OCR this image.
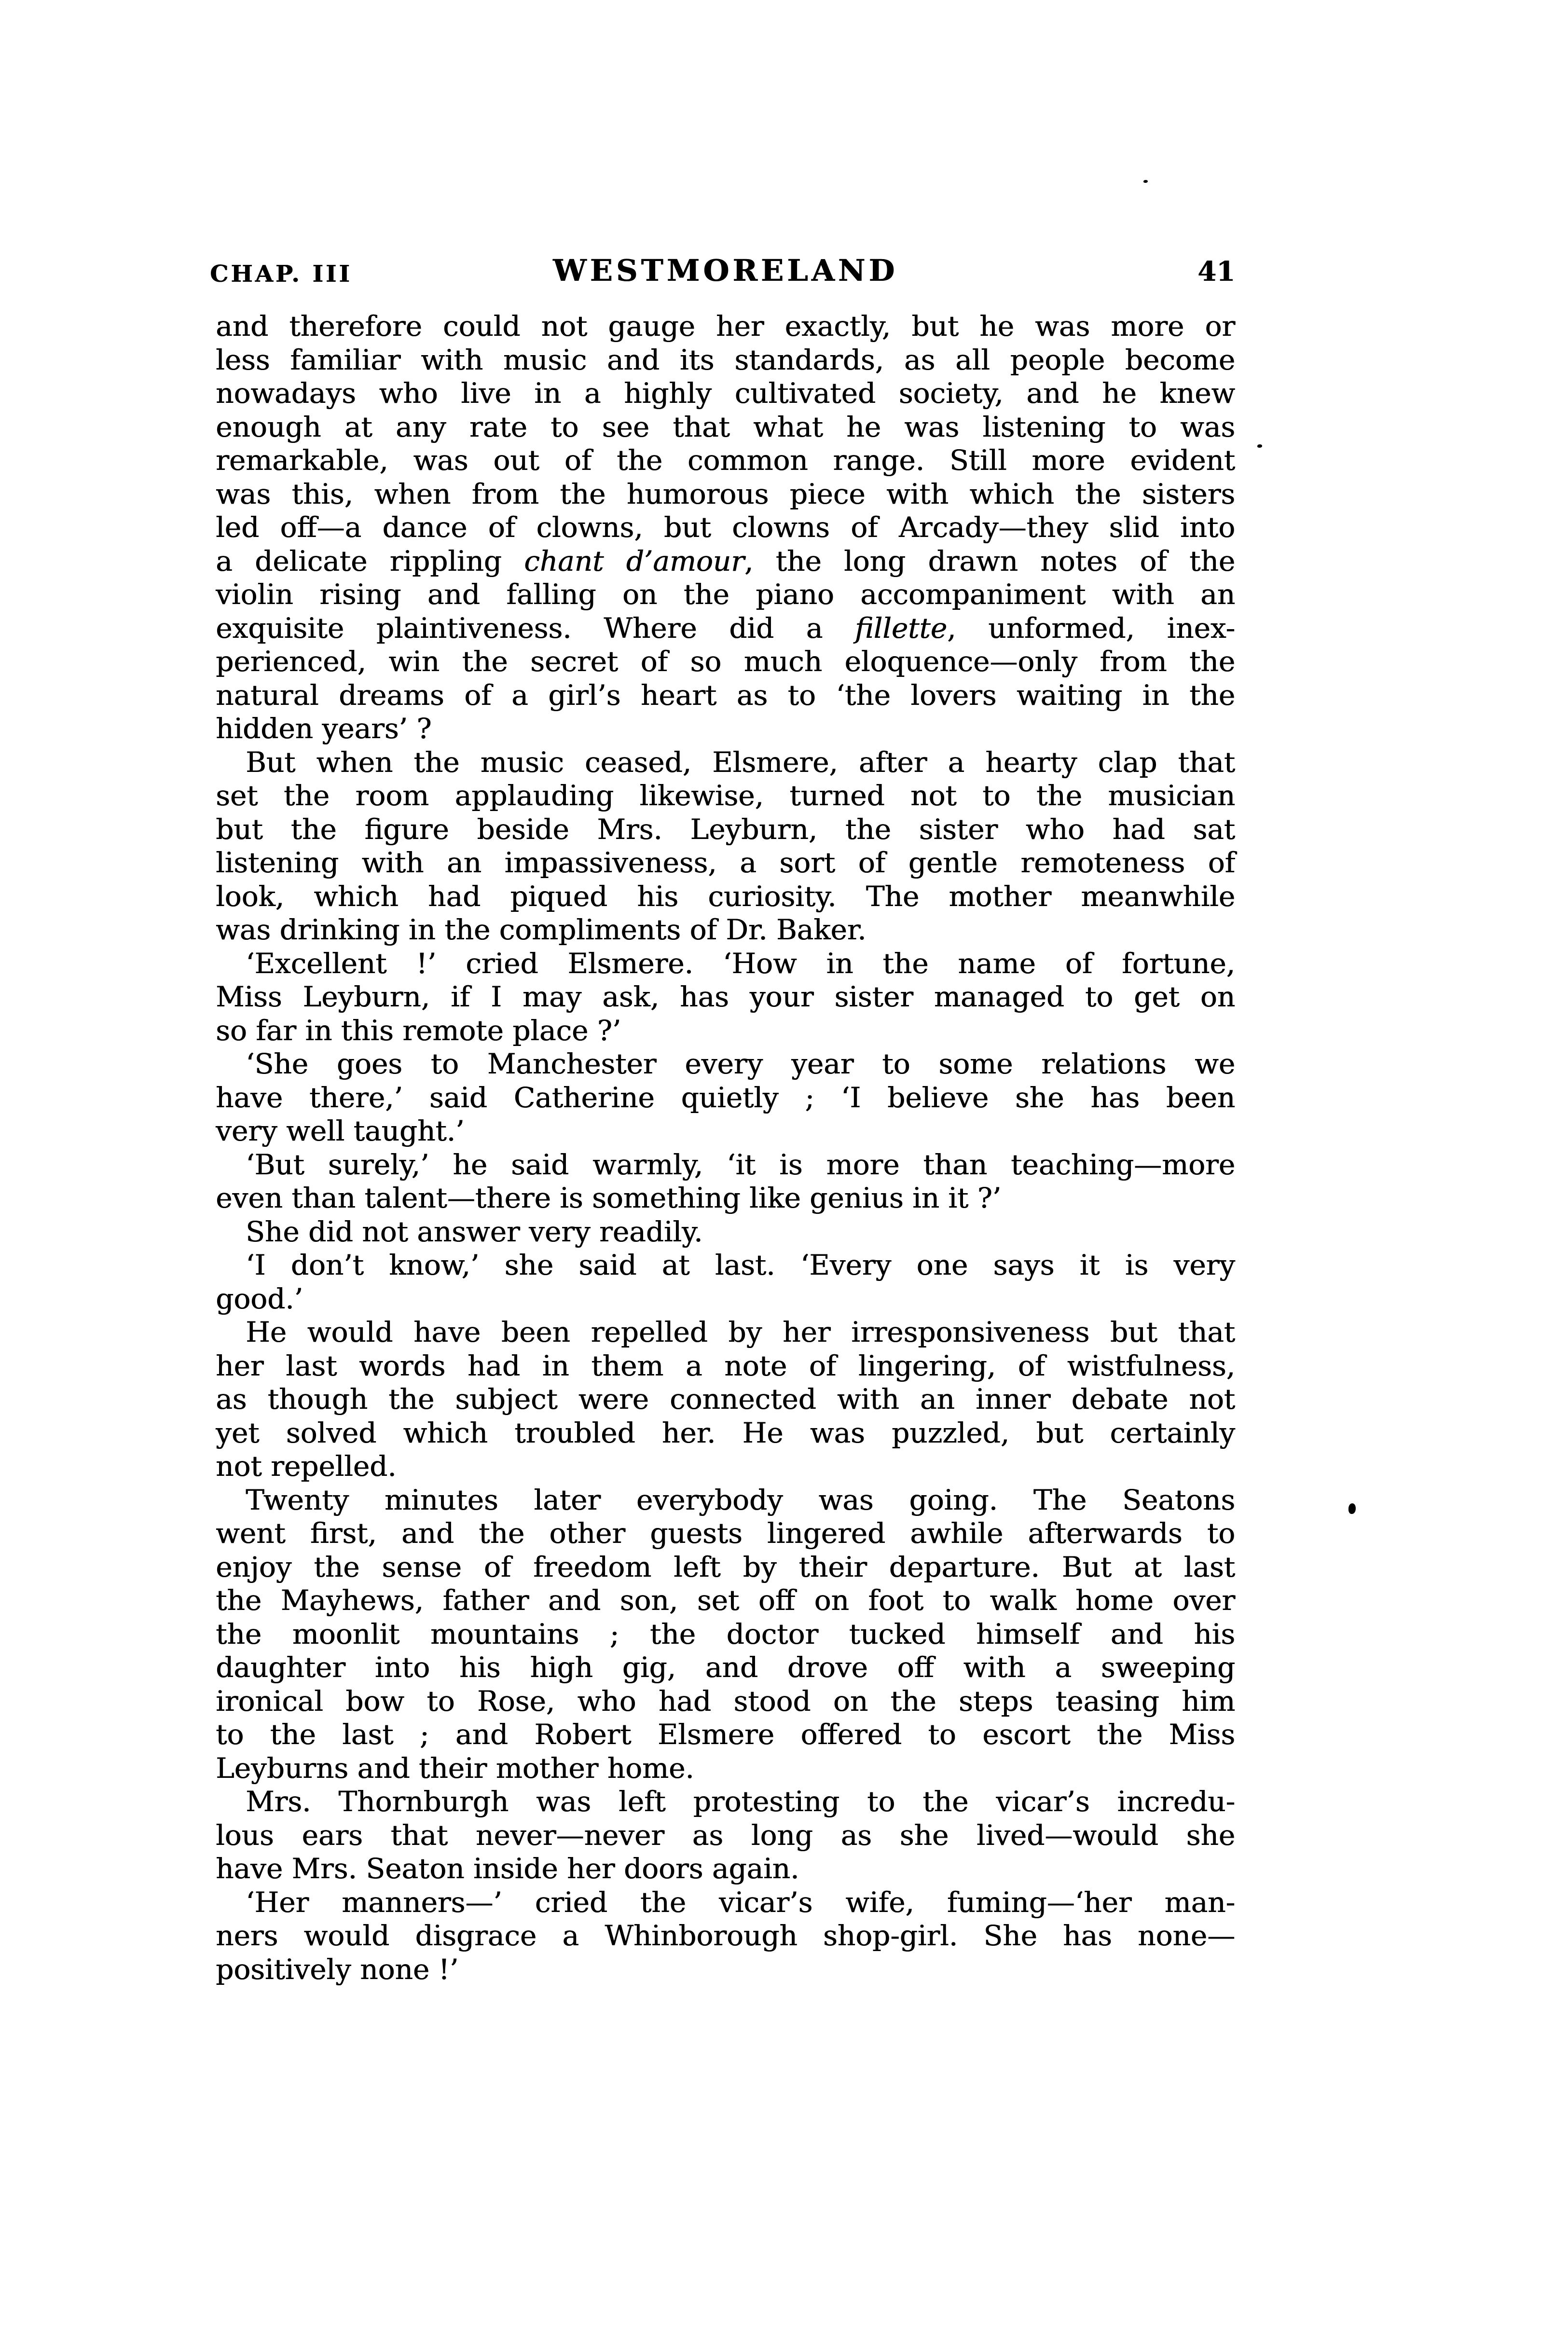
CHAP. III	WESTMORELAND	41
and therefore could not gauge her exactly, but he was more or
less familiar with music and its standards, as all people become
nowadays who live in a highly cultivated society, and he knew
enough at any rate to see that what he was listening to was
remarkable, was out of the common range. Still more evident
was this, when from the humorous piece with which the sisters
led off—a dance of clowns, but clowns of Arcady—they slid into
a delicate rippling chant d’amour, the long drawn notes of the
violin rising and falling on the piano accompaniment with an
exquisite plaintiveness. Where did a fillette, unformed, inex-
perienced, win the secret of so much eloquence—only from the
natural dreams of a girl’s heart as to ‘the lovers waiting in the
hidden years’ ?
But when the music ceased, Elsmere, after a hearty clap that
set the room applauding likewise, turned not to the musician
but the figure beside Mrs. Leyburn, the sister who had sat
listening with an impassiveness, a sort of gentle remoteness of
look, which had piqued his curiosity. The mother meanwhile
was drinking in the compliments of Dr. Baker.
‘Excellent !’ cried Elsmere. ‘How in the name of fortune,
Miss Leyburn, if I may ask, has your sister managed to get on
so far in this remote place ?’
‘She goes to Manchester every year to some relations we
have there,’ said Catherine quietly ; ‘I believe she has been
very well taught.’
‘But surely,’ he said warmly, ‘it is more than teaching—more
even than talent—there is something like genius in it ?’
She did not answer very readily.
‘I don’t know,’ she said at last. ‘Every one says it is very
good.’
He would have been repelled by her irresponsiveness but that
her last words had in them a note of lingering, of wistfulness,
as though the subject were connected with an inner debate not
yet solved which troubled her. He was puzzled, but certainly
not repelled.
Twenty minutes later everybody was going. The Seatons
went first, and the other guests lingered awhile afterwards to
enjoy the sense of freedom left by their departure. But at last
the Mayhews, father and son, set off on foot to walk home over
the moonlit mountains ; the doctor tucked himself and his
daughter into his high gig, and drove off with a sweeping
ironical bow to Rose, who had stood on the steps teasing him
to the last ; and Robert Elsmere offered to escort the Miss
Leyburns and their mother home.
Mrs. Thornburgh was left protesting to the vicar’s incredu-
lous ears that never—never as long as she lived—would she
have Mrs. Seaton inside her doors again.
‘Her manners—’ cried the vicar’s wife, fuming—‘her man-
ners would disgrace a Whinborough shop-girl. She has none—
positively none !’
